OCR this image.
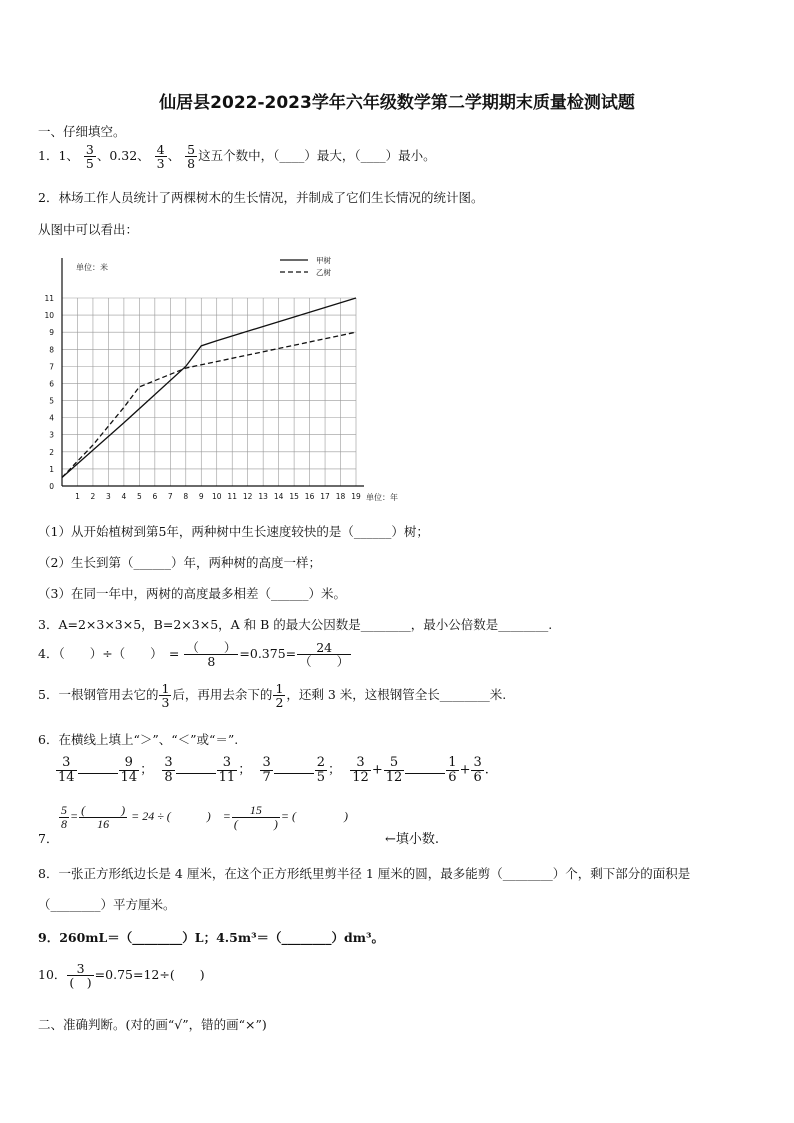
仙居县2022-2023学年六年级数学第二学期期末质量检测试题
一、仔细填空。
1．1、 $\frac{3}{5}$ 、0.32、 $\frac{4}{3}$ 、 $\frac{5}{8}$ 这五个数中，（____）最大，（____）最小。
2．林场工作人员统计了两棵树木的生长情况，并制成了它们生长情况的统计图。
从图中可以看出：
1 2 3 4 5 6 7 8 9 10 11 12 13 14 15 16 17 18 19
0
1
2
3
4
5
6
7
8
9
10
11
单位：米
单位：年
甲树
乙树
（1）从开始植树到第5年，两种树中生长速度较快的是（______）树；
（2）生长到第（______）年，两种树的高度一样；
（3）在同一年中，两树的高度最多相差（______）米。
3．A=2×3×3×5，B=2×3×5，A 和 B 的最大公因数是________，最小公倍数是________.
4．（　　）÷（　　）　= $\frac{( )}{8} =0.375= \frac{24}{( )}$
5．一根钢管用去它的 $\frac{1}{3}$ 后，再用去余下的 $\frac{1}{2}$ ，还剩 3 米，这根钢管全长________米.
6．在横线上填上“＞”、“＜”或“＝”.
$\frac{3}{14}$	$\frac{9}{14}$ ； $\frac{3}{8}$	$\frac{3}{11}$ ； $\frac{3}{7}$	$\frac{2}{5}$ ； $\frac{3}{12} + \frac{5}{12}$	$\frac{1}{6} + \frac{3}{6}$ .
$\frac{5}{8} = \frac{( )}{16} = 24$ ÷ (　　　)　= $\frac{15}{( )}$ = (　　　　)
7．	←填小数.
8．一张正方形纸边长是 4 厘米，在这个正方形纸里剪半径 1 厘米的圆，最多能剪（________）个，剩下部分的面积是
（________）平方厘米。
9．260mL＝（________）L；4.5m³＝（________）dm³。
10． $\frac{3}{( )} =0.75=12\div$(　　)
二、准确判断。(对的画“√”，错的画“×”)
